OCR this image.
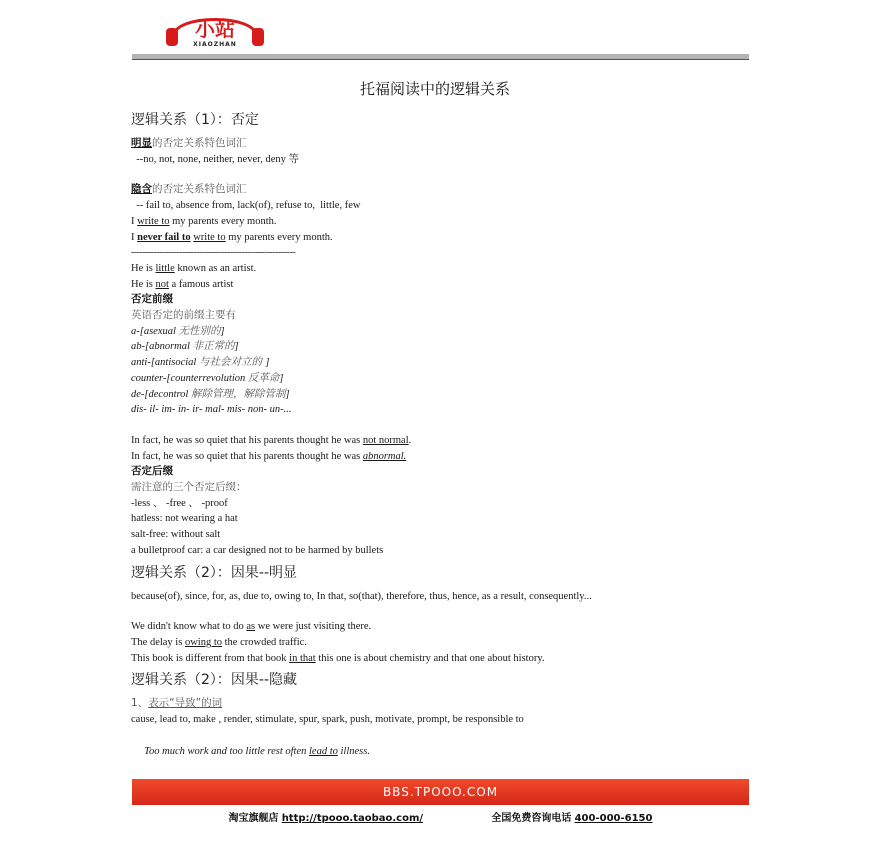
小站
XIAOZHAN
托福阅读中的逻辑关系
逻辑关系（1）：否定
明显的否定关系特色词汇
--no, not, none, neither, never, deny 等
隐含的否定关系特色词汇
-- fail to, absence from, lack(of), refuse to,  little, few
I write to my parents every month.
I never fail to write to my parents every month.
----------------------------------------------------------
He is little known as an artist.
He is not a famous artist
否定前缀
英语否定的前缀主要有
a-[asexual 无性别的]
ab-[abnormal 非正常的]
anti-[antisocial 与社会对立的 ]
counter-[counterrevolution 反革命]
de-[decontrol 解除管理，解除管制]
dis- il- im- in- ir- mal- mis- non- un-...
In fact, he was so quiet that his parents thought he was not normal.
In fact, he was so quiet that his parents thought he was abnormal.
否定后缀
需注意的三个否定后缀：
-less 、 -free 、 -proof
hatless: not wearing a hat
salt-free: without salt
a bulletproof car: a car designed not to be harmed by bullets
逻辑关系（2）：因果--明显
because(of), since, for, as, due to, owing to, In that, so(that), therefore, thus, hence, as a result, consequently...
We didn't know what to do as we were just visiting there.
The delay is owing to the crowded traffic.
This book is different from that book in that this one is about chemistry and that one about history.
逻辑关系（2）：因果--隐藏
1、表示“导致”的词
cause, lead to, make , render, stimulate, spur, spark, push, motivate, prompt, be responsible to

Too much work and too little rest often lead to illness.

BBS.TPOOO.COM
淘宝旗舰店 http://tpooo.taobao.com/	全国免费咨询电话 400-000-6150
